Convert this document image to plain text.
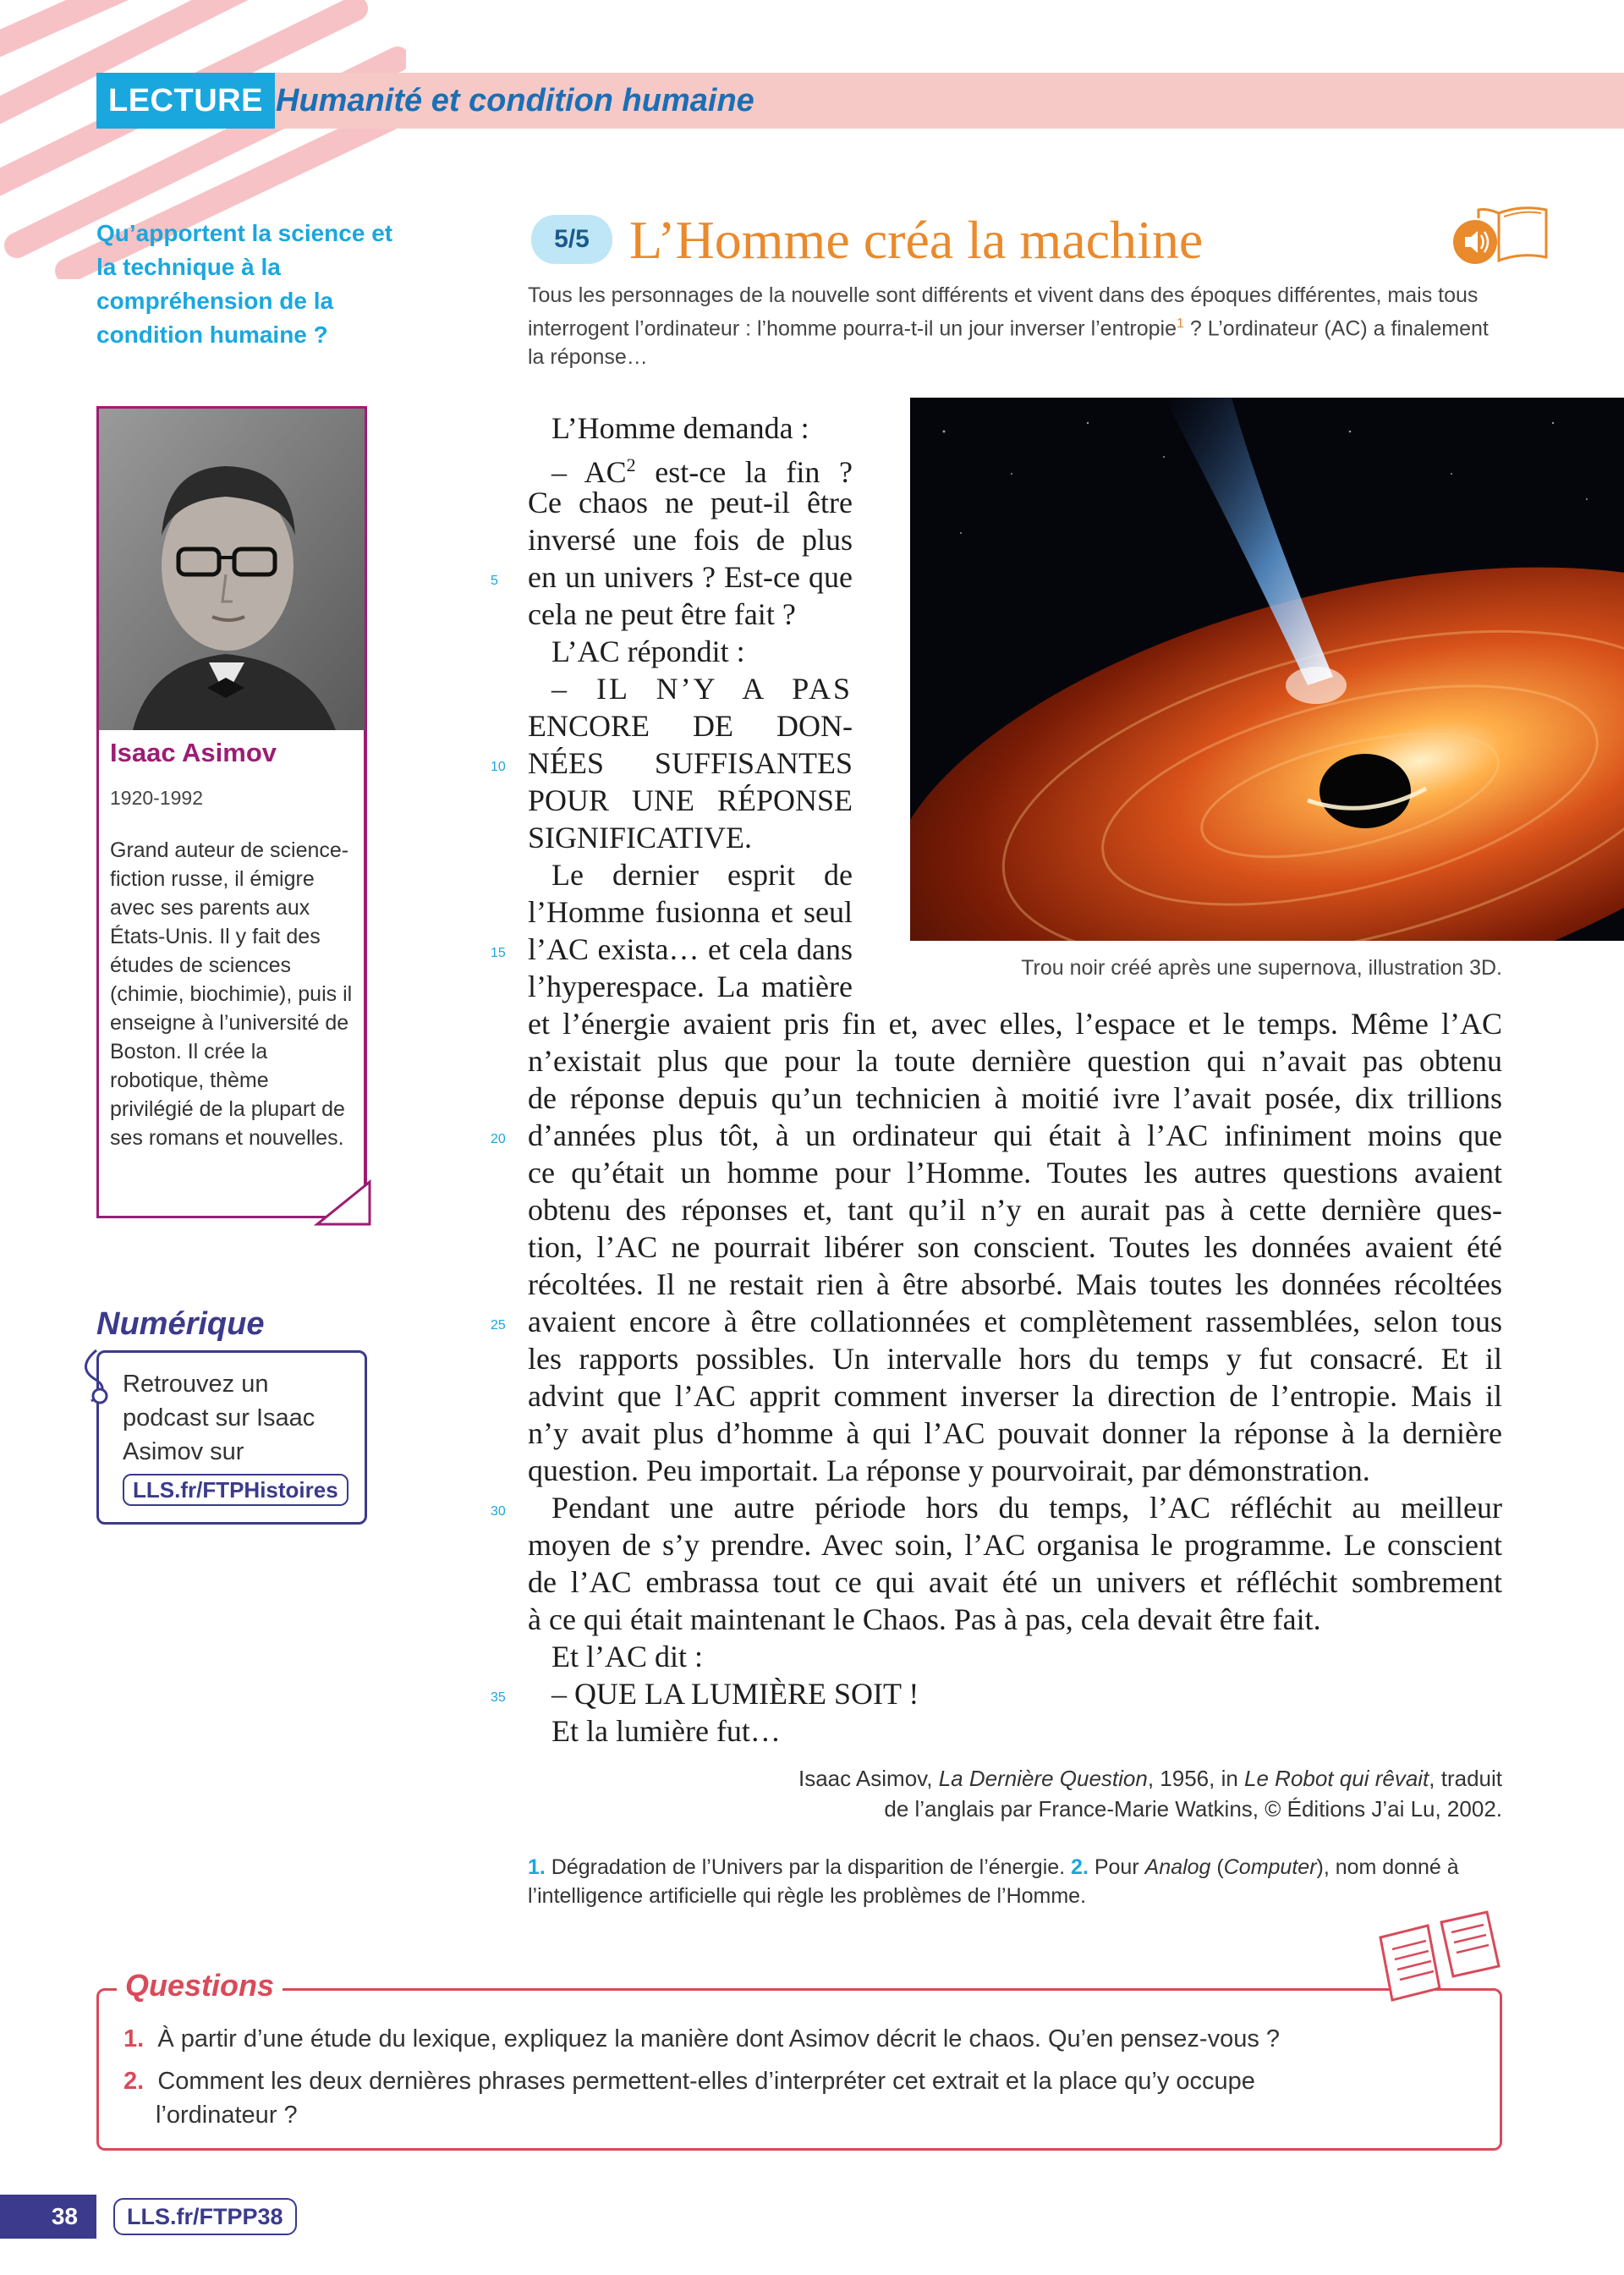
LECTURE Humanité et condition humaine
Qu’apportent la science et la technique à la compréhension de la condition humaine ?
5/5 L’Homme créa la machine
Tous les personnages de la nouvelle sont différents et vivent dans des époques différentes, mais tous interrogent l’ordinateur : l’homme pourra-t-il un jour inverser l’entropie$^1$ ? L’ordinateur (AC) a finalement la réponse…
Isaac Asimov
1920-1992
Grand auteur de science-fiction russe, il émigre avec ses parents aux États-Unis. Il y fait des études de sciences (chimie, biochimie), puis il enseigne à l’université de Boston. Il crée la robotique, thème privilégié de la plupart de ses romans et nouvelles.
Numérique
Retrouvez un podcast sur Isaac Asimov sur
LLS.fr/FTPHistoires
Trou noir créé après une supernova, illustration 3D.
L’Homme demanda :
– $AC^2$ est-ce la fin ?
Ce chaos ne peut-il être
inversé une fois de plus
en un univers ? Est-ce que
cela ne peut être fait ?
L’AC répondit :
– IL N’Y A PAS
ENCORE DE DON-
NÉES SUFFISANTES
POUR UNE RÉPONSE
SIGNIFICATIVE.
Le dernier esprit de
l’Homme fusionna et seul
l’AC exista… et cela dans
l’hyperespace. La matière
et l’énergie avaient pris fin et, avec elles, l’espace et le temps. Même l’AC
n’existait plus que pour la toute dernière question qui n’avait pas obtenu
de réponse depuis qu’un technicien à moitié ivre l’avait posée, dix trillions
d’années plus tôt, à un ordinateur qui était à l’AC infiniment moins que
ce qu’était un homme pour l’Homme. Toutes les autres questions avaient
obtenu des réponses et, tant qu’il n’y en aurait pas à cette dernière ques-
tion, l’AC ne pourrait libérer son conscient. Toutes les données avaient été
récoltées. Il ne restait rien à être absorbé. Mais toutes les données récoltées
avaient encore à être collationnées et complètement rassemblées, selon tous
les rapports possibles. Un intervalle hors du temps y fut consacré. Et il
advint que l’AC apprit comment inverser la direction de l’entropie. Mais il
n’y avait plus d’homme à qui l’AC pouvait donner la réponse à la dernière
question. Peu importait. La réponse y pourvoirait, par démonstration.
Pendant une autre période hors du temps, l’AC réfléchit au meilleur
moyen de s’y prendre. Avec soin, l’AC organisa le programme. Le conscient
de l’AC embrassa tout ce qui avait été un univers et réfléchit sombrement
à ce qui était maintenant le Chaos. Pas à pas, cela devait être fait.
Et l’AC dit :
– QUE LA LUMIÈRE SOIT !
Et la lumière fut…
5
10
15
20
25
30
35
Isaac Asimov, La Dernière Question, 1956, in Le Robot qui rêvait, traduit
de l’anglais par France-Marie Watkins, © Éditions J’ai Lu, 2002.
1. Dégradation de l’Univers par la disparition de l’énergie. 2. Pour Analog (Computer), nom donné à l’intelligence artificielle qui règle les problèmes de l’Homme.
Questions
1. À partir d’une étude du lexique, expliquez la manière dont Asimov décrit le chaos. Qu’en pensez-vous ?
2. Comment les deux dernières phrases permettent-elles d’interpréter cet extrait et la place qu’y occupe l’ordinateur ?
38	LLS.fr/FTPP38
